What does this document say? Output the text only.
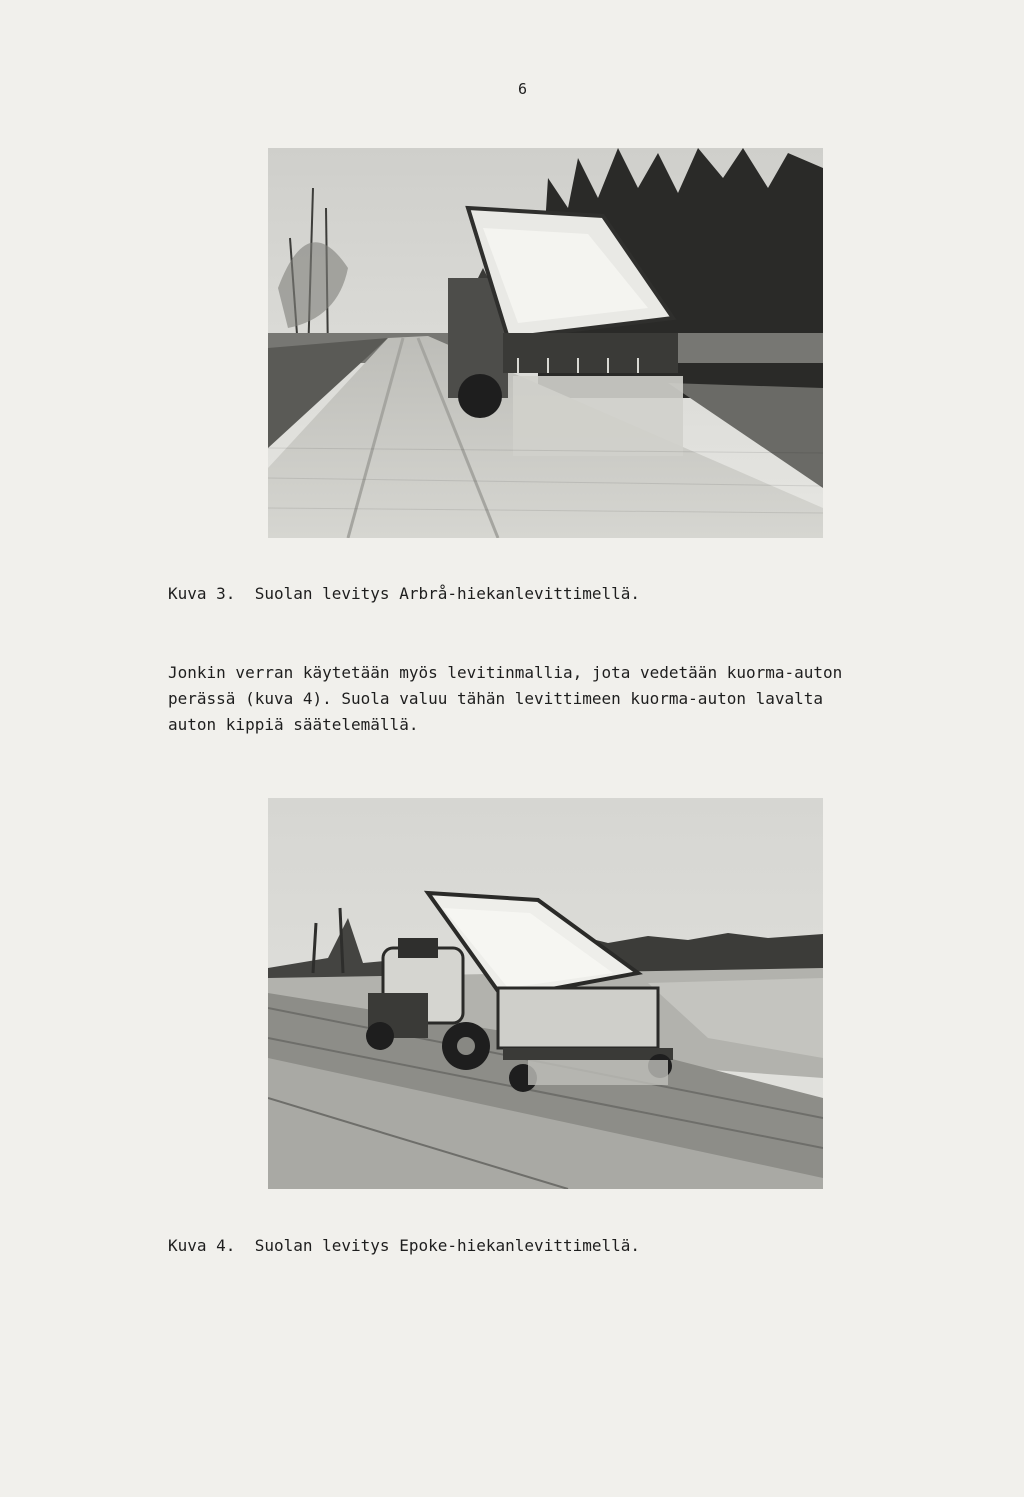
6
Kuva 3. Suolan levitys Arbrå-hiekanlevittimellä.
Jonkin verran käytetään myös levitinmallia, jota vedetään kuorma-auton
perässä (kuva 4). Suola valuu tähän levittimeen kuorma-auton lavalta
auton kippiä säätelemällä.
Kuva 4. Suolan levitys Epoke-hiekanlevittimellä.
